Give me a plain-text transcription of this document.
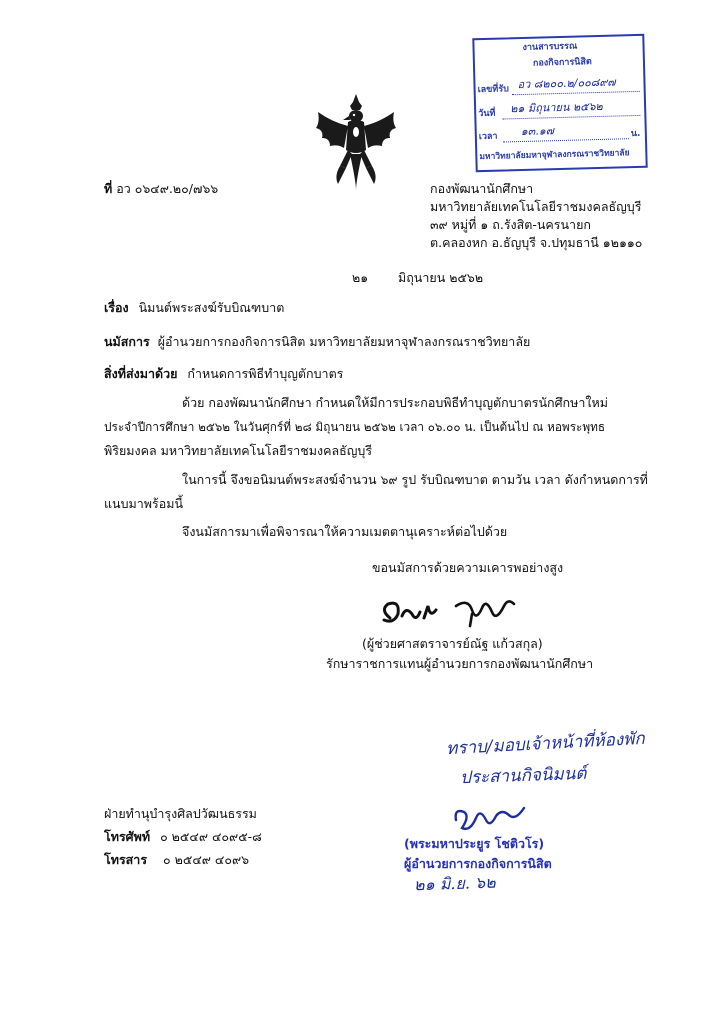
งานสารบรรณ
กองกิจการนิสิต
เลขที่รับ อว ๘๒๐๐.๒/๐๐๘๙๗
วันที่ ๒๑ มิถุนายน ๒๕๖๒
เวลา ๑๓.๑๗	น.
มหาวิทยาลัยมหาจุฬาลงกรณราชวิทยาลัย
ที่ อว ๐๖๔๙.๒๐/๗๖๖	กองพัฒนานักศึกษา
มหาวิทยาลัยเทคโนโลยีราชมงคลธัญบุรี
๓๙ หมู่ที่ ๑ ถ.รังสิต-นครนายก
ต.คลองหก อ.ธัญบุรี จ.ปทุมธานี ๑๒๑๑๐
๒๑ มิถุนายน ๒๕๖๒
เรื่อง นิมนต์พระสงฆ์รับบิณฑบาต
นมัสการ ผู้อำนวยการกองกิจการนิสิต มหาวิทยาลัยมหาจุฬาลงกรณราชวิทยาลัย
สิ่งที่ส่งมาด้วย กำหนดการพิธีทำบุญตักบาตร
ด้วย กองพัฒนานักศึกษา กำหนดให้มีการประกอบพิธีทำบุญตักบาตรนักศึกษาใหม่
ประจำปีการศึกษา ๒๕๖๒ ในวันศุกร์ที่ ๒๘ มิถุนายน ๒๕๖๒ เวลา ๐๖.๐๐ น. เป็นต้นไป ณ หอพระพุทธ
พิริยมงคล มหาวิทยาลัยเทคโนโลยีราชมงคลธัญบุรี
ในการนี้ จึงขอนิมนต์พระสงฆ์จำนวน ๖๙ รูป รับบิณฑบาต ตามวัน เวลา ดังกำหนดการที่
แนบมาพร้อมนี้
จึงนมัสการมาเพื่อพิจารณาให้ความเมตตานุเคราะห์ต่อไปด้วย
ขอนมัสการด้วยความเคารพอย่างสูง
(ผู้ช่วยศาสตราจารย์ณัฐ แก้วสกุล)
รักษาราชการแทนผู้อำนวยการกองพัฒนานักศึกษา
ทราบ/มอบเจ้าหน้าที่ห้องพัก
ประสานกิจนิมนต์
(พระมหาประยูร โชติวโร)
ผู้อำนวยการกองกิจการนิสิต
๒๑ มิ.ย. ๖๒
ฝ่ายทำนุบำรุงศิลปวัฒนธรรม
โทรศัพท์ ๐ ๒๕๔๙ ๔๐๙๕-๘
โทรสาร ๐ ๒๕๔๙ ๔๐๙๖
